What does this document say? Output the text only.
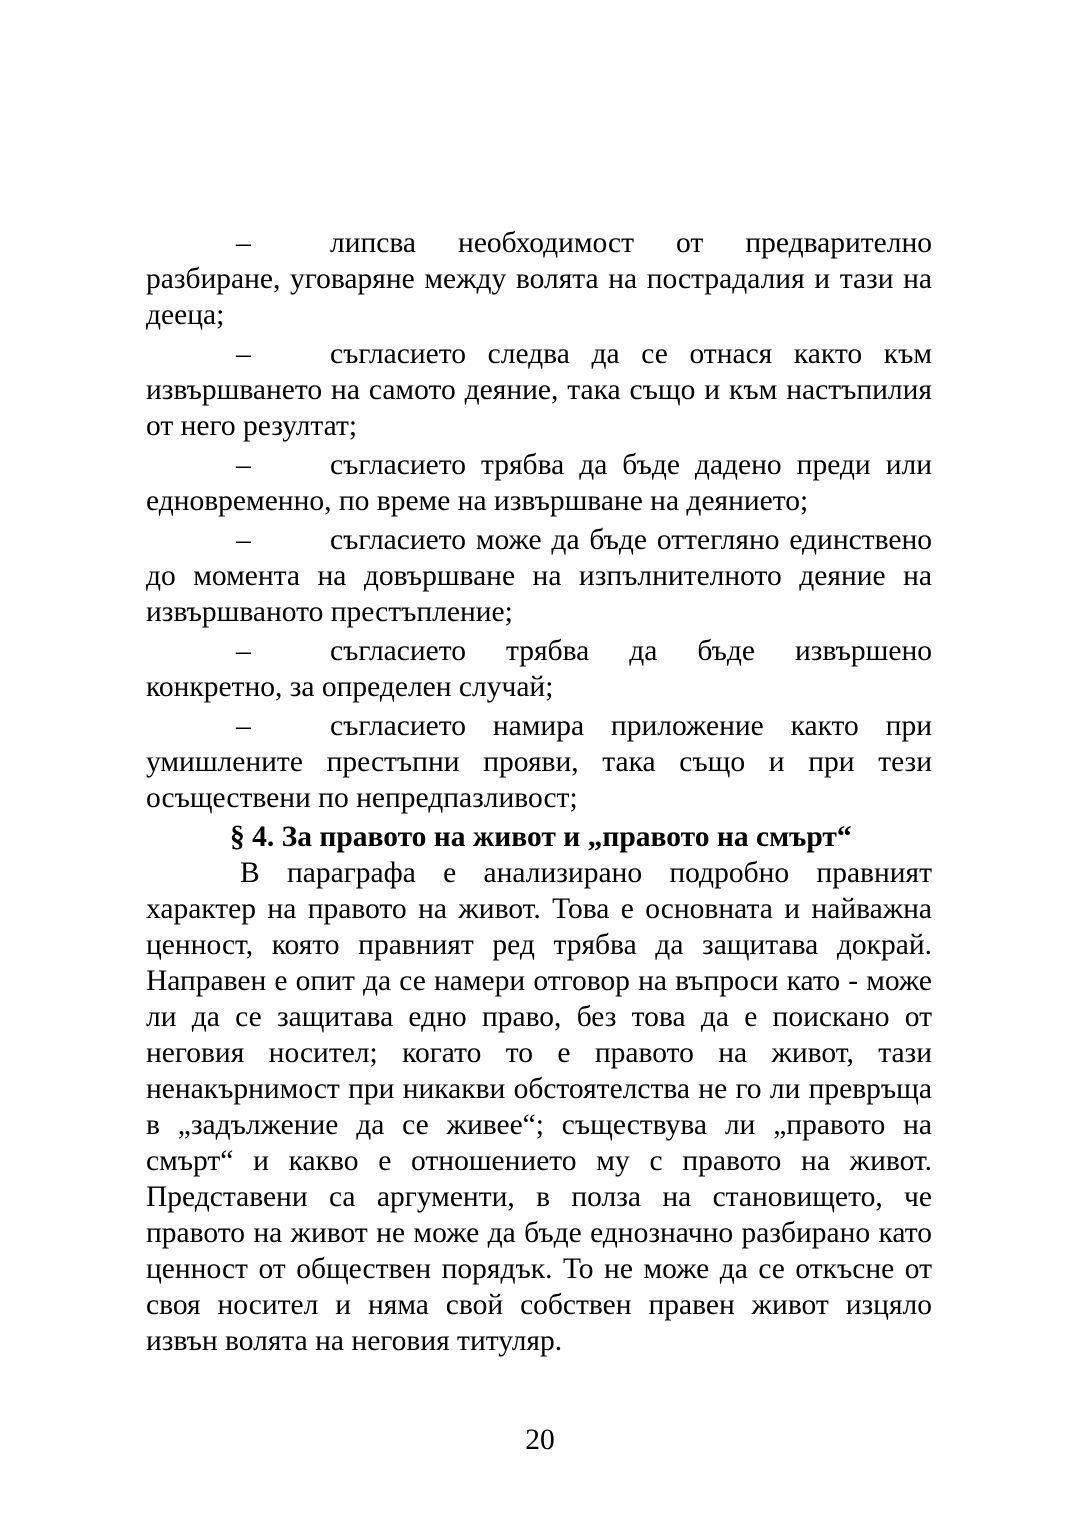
–	липсва необходимост от предварително разбиране, уговаряне между волята на пострадалия и тази на дееца;
–	съгласието следва да се отнася както към извършването на самото деяние, така също и към настъпилия от него резултат;
–	съгласието трябва да бъде дадено преди или едновременно, по време на извършване на деянието;
–	съгласието може да бъде оттегляно единствено до момента на довършване на изпълнителното деяние на извършваното престъпление;
–	съгласието трябва да бъде извършено конкретно, за определен случай;
–	съгласието намира приложение както при умишлените престъпни прояви, така също и при тези осъществени по непредпазливост;
§ 4. За правото на живот и „правото на смърт“

В параграфа е анализирано подробно правният характер на правото на живот. Това е основната и найважна ценност, която правният ред трябва да защитава докрай. Направен е опит да се намери отговор на въпроси като - може ли да се защитава едно право, без това да е поискано от неговия носител; когато то е правото на живот, тази ненакърнимост при никакви обстоятелства не го ли превръща в „задължение да се живее“; съществува ли „правото на смърт“ и какво е отношението му с правото на живот. Представени са аргументи, в полза на становището, че правото на живот не може да бъде еднозначно разбирано като ценност от обществен порядък. То не може да се откъсне от своя носител и няма свой собствен правен живот изцяло извън волята на неговия титуляр.

20
